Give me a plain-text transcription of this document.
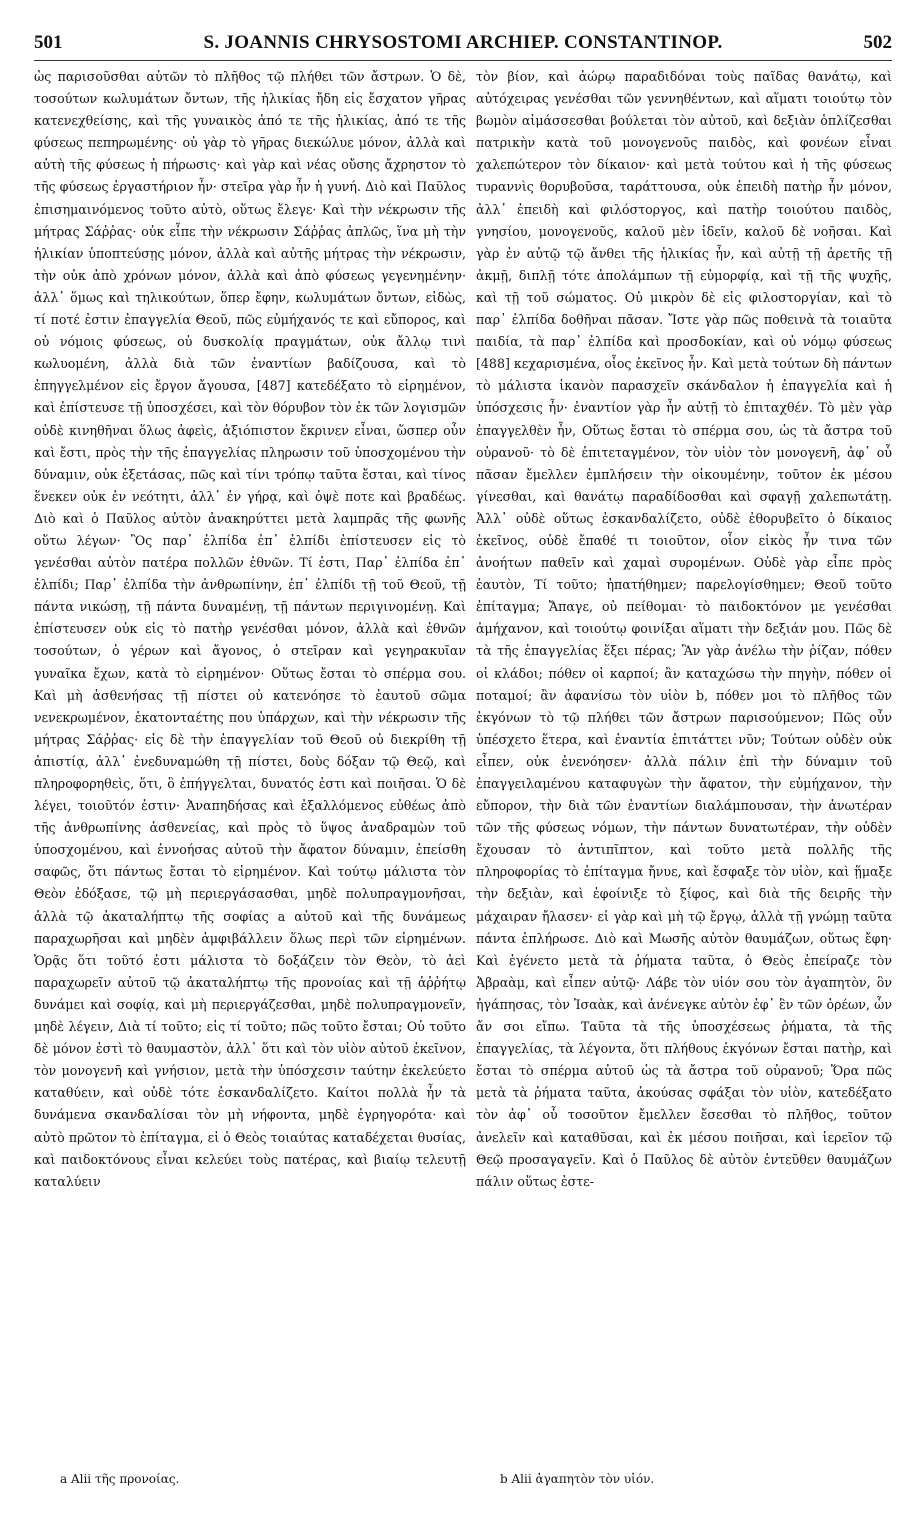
501	S. JOANNIS CHRYSOSTOMI ARCHIEP. CONSTANTINOP.	502

ὡς παρισοῦσθαι αὐτῶν τὸ πλῆθος τῷ πλήθει τῶν ἄστρων. Ὁ δὲ, τοσούτων κωλυμάτων ὄντων, τῆς ἡλικίας ἤδη εἰς ἔσχατον γῆρας κατενεχθείσης, καὶ τῆς γυναικὸς ἀπό τε τῆς ἡλικίας, ἀπό τε τῆς φύσεως πεπηρωμένης· οὐ γὰρ τὸ γῆρας διεκώλυε μόνον, ἀλλὰ καὶ αὐτὴ τῆς φύσεως ἡ πήρωσις· καὶ γὰρ καὶ νέας οὔσης ἄχρηστον τὸ τῆς φύσεως ἐργαστήριον ἦν· στεῖρα γὰρ ἦν ἡ γυνή. Διὸ καὶ Παῦλος ἐπισημαινόμενος τοῦτο αὐτὸ, οὕτως ἔλεγε· Καὶ τὴν νέκρωσιν τῆς μήτρας Σάῤῥας· οὐκ εἶπε τὴν νέκρωσιν Σάῤῥας ἁπλῶς, ἵνα μὴ τὴν ἡλικίαν ὑποπτεύσῃς μόνον, ἀλλὰ καὶ αὐτῆς μήτρας τὴν νέκρωσιν, τὴν οὐκ ἀπὸ χρόνων μόνον, ἀλλὰ καὶ ἀπὸ φύσεως γεγενημένην· ἀλλ᾽ ὅμως καὶ τηλικούτων, ὅπερ ἔφην, κωλυμάτων ὄντων, εἰδὼς, τί ποτέ ἐστιν ἐπαγγελία Θεοῦ, πῶς εὐμήχανός τε καὶ εὔπορος, καὶ οὐ νόμοις φύσεως, οὐ δυσκολίᾳ πραγμάτων, οὐκ ἄλλῳ τινὶ κωλυομένη, ἀλλὰ διὰ τῶν ἐναντίων βαδίζουσα, καὶ τὸ ἐπηγγελμένον εἰς ἔργον ἄγουσα, [487] κατεδέξατο τὸ εἰρημένον, καὶ ἐπίστευσε τῇ ὑποσχέσει, καὶ τὸν θόρυβον τὸν ἐκ τῶν λογισμῶν οὐδὲ κινηθῆναι ὅλως ἀφεὶς, ἀξιόπιστον ἔκρινεν εἶναι, ὥσπερ οὖν καὶ ἔστι, πρὸς τὴν τῆς ἐπαγγελίας πληρωσιν τοῦ ὑποσχομένου τὴν δύναμιν, οὐκ ἐξετάσας, πῶς καὶ τίνι τρόπῳ ταῦτα ἔσται, καὶ τίνος ἕνεκεν οὐκ ἐν νεότητι, ἀλλ᾽ ἐν γήρᾳ, καὶ ὀψὲ ποτε καὶ βραδέως. Διὸ καὶ ὁ Παῦλος αὐτὸν ἀνακηρύττει μετὰ λαμπρᾶς τῆς φωνῆς οὕτω λέγων· Ὃς παρ᾽ ἐλπίδα ἐπ᾽ ἐλπίδι ἐπίστευσεν εἰς τὸ γενέσθαι αὐτὸν πατέρα πολλῶν ἐθνῶν. Τί ἐστι, Παρ᾽ ἐλπίδα ἐπ᾽ ἐλπίδι; Παρ᾽ ἐλπίδα τὴν ἀνθρωπίνην, ἐπ᾽ ἐλπίδι τῇ τοῦ Θεοῦ, τῇ πάντα νικώσῃ, τῇ πάντα δυναμένῃ, τῇ πάντων περιγινομένῃ. Καὶ ἐπίστευσεν οὐκ εἰς τὸ πατὴρ γενέσθαι μόνον, ἀλλὰ καὶ ἐθνῶν τοσούτων, ὁ γέρων καὶ ἄγονος, ὁ στεῖραν καὶ γεγηρακυῖαν γυναῖκα ἔχων, κατὰ τὸ εἰρημένον· Οὕτως ἔσται τὸ σπέρμα σου. Καὶ μὴ ἀσθενήσας τῇ πίστει οὐ κατενόησε τὸ ἑαυτοῦ σῶμα νενεκρωμένον, ἑκατονταέτης που ὑπάρχων, καὶ τὴν νέκρωσιν τῆς μήτρας Σάῤῥας· εἰς δὲ τὴν ἐπαγγελίαν τοῦ Θεοῦ οὐ διεκρίθη τῇ ἀπιστίᾳ, ἀλλ᾽ ἐνεδυναμώθη τῇ πίστει, δοὺς δόξαν τῷ Θεῷ, καὶ πληροφορηθεὶς, ὅτι, ὃ ἐπήγγελται, δυνατός ἐστι καὶ ποιῆσαι. Ὁ δὲ λέγει, τοιοῦτόν ἐστιν· Ἀναπηδήσας καὶ ἐξαλλόμενος εὐθέως ἀπὸ τῆς ἀνθρωπίνης ἀσθενείας, καὶ πρὸς τὸ ὕψος ἀναδραμὼν τοῦ ὑποσχομένου, καὶ ἐννοήσας αὐτοῦ τὴν ἄφατον δύναμιν, ἐπείσθη σαφῶς, ὅτι πάντως ἔσται τὸ εἰρημένον. Καὶ τούτῳ μάλιστα τὸν Θεὸν ἐδόξασε, τῷ μὴ περιεργάσασθαι, μηδὲ πολυπραγμονῆσαι, ἀλλὰ τῷ ἀκαταλήπτῳ τῆς σοφίας a αὐτοῦ καὶ τῆς δυνάμεως παραχωρῆσαι καὶ μηδὲν ἀμφιβάλλειν ὅλως περὶ τῶν εἰρημένων. Ὁρᾷς ὅτι τοῦτό ἐστι μάλιστα τὸ δοξάζειν τὸν Θεὸν, τὸ ἀεὶ παραχωρεῖν αὐτοῦ τῷ ἀκαταλήπτῳ τῆς προνοίας καὶ τῇ ἀῤῥήτῳ δυνάμει καὶ σοφίᾳ, καὶ μὴ περιεργάζεσθαι, μηδὲ πολυπραγμονεῖν, μηδὲ λέγειν, Διὰ τί τοῦτο; εἰς τί τοῦτο; πῶς τοῦτο ἔσται; Οὐ τοῦτο δὲ μόνον ἐστὶ τὸ θαυμαστὸν, ἀλλ᾽ ὅτι καὶ τὸν υἱὸν αὐτοῦ ἐκεῖνον, τὸν μονογενῆ καὶ γνήσιον, μετὰ τὴν ὑπόσχεσιν ταύτην ἐκελεύετο καταθύειν, καὶ οὐδὲ τότε ἐσκανδαλίζετο. Καίτοι πολλὰ ἦν τὰ δυνάμενα σκανδαλίσαι τὸν μὴ νήφοντα, μηδὲ ἐγρηγορότα· καὶ αὐτὸ πρῶτον τὸ ἐπίταγμα, εἰ ὁ Θεὸς τοιαύτας καταδέχεται θυσίας, καὶ παιδοκτόνους εἶναι κελεύει τοὺς πατέρας, καὶ βιαίῳ τελευτῇ καταλύειν

τὸν βίον, καὶ ἀώρῳ παραδιδόναι τοὺς παῖδας θανάτῳ, καὶ αὐτόχειρας γενέσθαι τῶν γεννηθέντων, καὶ αἵματι τοιούτῳ τὸν βωμὸν αἱμάσσεσθαι βούλεται τὸν αὐτοῦ, καὶ δεξιὰν ὁπλίζεσθαι πατρικὴν κατὰ τοῦ μονογενοῦς παιδὸς, καὶ φονέων εἶναι χαλεπώτερον τὸν δίκαιον· καὶ μετὰ τούτου καὶ ἡ τῆς φύσεως τυραννὶς θορυβοῦσα, ταράττουσα, οὐκ ἐπειδὴ πατὴρ ἦν μόνον, ἀλλ᾽ ἐπειδὴ καὶ φιλόστοργος, καὶ πατὴρ τοιούτου παιδὸς, γνησίου, μονογενοῦς, καλοῦ μὲν ἰδεῖν, καλοῦ δὲ νοῆσαι. Καὶ γὰρ ἐν αὐτῷ τῷ ἄνθει τῆς ἡλικίας ἦν, καὶ αὐτῇ τῇ ἀρετῆς τῇ ἀκμῇ, διπλῇ τότε ἀπολάμπων τῇ εὐμορφίᾳ, καὶ τῇ τῆς ψυχῆς, καὶ τῇ τοῦ σώματος. Οὐ μικρὸν δὲ εἰς φιλοστοργίαν, καὶ τὸ παρ᾽ ἐλπίδα δοθῆναι πᾶσαν. Ἴστε γὰρ πῶς ποθεινὰ τὰ τοιαῦτα παιδία, τὰ παρ᾽ ἐλπίδα καὶ προσδοκίαν, καὶ οὐ νόμῳ φύσεως [488] κεχαρισμένα, οἷος ἐκεῖνος ἦν. Καὶ μετὰ τούτων δὴ πάντων τὸ μάλιστα ἱκανὸν παρασχεῖν σκάνδαλον ἡ ἐπαγγελία καὶ ἡ ὑπόσχεσις ἦν· ἐναντίον γὰρ ἦν αὐτῇ τὸ ἐπιταχθέν. Τὸ μὲν γὰρ ἐπαγγελθὲν ἦν, Οὕτως ἔσται τὸ σπέρμα σου, ὡς τὰ ἄστρα τοῦ οὐρανοῦ· τὸ δὲ ἐπιτεταγμένον, τὸν υἱὸν τὸν μονογενῆ, ἀφ᾽ οὗ πᾶσαν ἔμελλεν ἐμπλήσειν τὴν οἰκουμένην, τοῦτον ἐκ μέσου γίνεσθαι, καὶ θανάτῳ παραδίδοσθαι καὶ σφαγῇ χαλεπωτάτῃ. Ἀλλ᾽ οὐδὲ οὕτως ἐσκανδαλίζετο, οὐδὲ ἐθορυβεῖτο ὁ δίκαιος ἐκεῖνος, οὐδὲ ἔπαθέ τι τοιοῦτον, οἷον εἰκὸς ἦν τινα τῶν ἀνοήτων παθεῖν καὶ χαμαὶ συρομένων. Οὐδὲ γὰρ εἶπε πρὸς ἑαυτὸν, Τί τοῦτο; ἠπατήθημεν; παρελογίσθημεν; Θεοῦ τοῦτο ἐπίταγμα; Ἄπαγε, οὐ πείθομαι· τὸ παιδοκτόνον με γενέσθαι ἀμήχανον, καὶ τοιούτῳ φοινίξαι αἵματι τὴν δεξιάν μου. Πῶς δὲ τὰ τῆς ἐπαγγελίας ἕξει πέρας; Ἂν γὰρ ἀνέλω τὴν ῥίζαν, πόθεν οἱ κλάδοι; πόθεν οἱ καρποί; ἂν καταχώσω τὴν πηγὴν, πόθεν οἱ ποταμοί; ἂν ἀφανίσω τὸν υἱὸν b, πόθεν μοι τὸ πλῆθος τῶν ἐκγόνων τὸ τῷ πλήθει τῶν ἄστρων παρισούμενον; Πῶς οὖν ὑπέσχετο ἕτερα, καὶ ἐναντία ἐπιτάττει νῦν; Τούτων οὐδὲν οὐκ εἶπεν, οὐκ ἐνενόησεν· ἀλλὰ πάλιν ἐπὶ τὴν δύναμιν τοῦ ἐπαγγειλαμένου καταφυγὼν τὴν ἄφατον, τὴν εὐμήχανον, τὴν εὔπορον, τὴν διὰ τῶν ἐναντίων διαλάμπουσαν, τὴν ἀνωτέραν τῶν τῆς φύσεως νόμων, τὴν πάντων δυνατωτέραν, τὴν οὐδὲν ἔχουσαν τὸ ἀντιπῖπτον, καὶ τοῦτο μετὰ πολλῆς τῆς πληροφορίας τὸ ἐπίταγμα ἤνυε, καὶ ἔσφαξε τὸν υἱὸν, καὶ ᾕμαξε τὴν δεξιὰν, καὶ ἐφοίνιξε τὸ ξίφος, καὶ διὰ τῆς δειρῆς τὴν μάχαιραν ἤλασεν· εἰ γὰρ καὶ μὴ τῷ ἔργῳ, ἀλλὰ τῇ γνώμῃ ταῦτα πάντα ἐπλήρωσε. Διὸ καὶ Μωσῆς αὐτὸν θαυμάζων, οὕτως ἔφη· Καὶ ἐγένετο μετὰ τὰ ῥήματα ταῦτα, ὁ Θεὸς ἐπείραζε τὸν Ἀβραὰμ, καὶ εἶπεν αὐτῷ· Λάβε τὸν υἱόν σου τὸν ἀγαπητὸν, ὃν ἠγάπησας, τὸν Ἰσαὰκ, καὶ ἀνένεγκε αὐτὸν ἐφ᾽ ἓν τῶν ὀρέων, ὧν ἄν σοι εἴπω. Ταῦτα τὰ τῆς ὑποσχέσεως ῥήματα, τὰ τῆς ἐπαγγελίας, τὰ λέγοντα, ὅτι πλήθους ἐκγόνων ἔσται πατὴρ, καὶ ἔσται τὸ σπέρμα αὐτοῦ ὡς τὰ ἄστρα τοῦ οὐρανοῦ; Ὅρα πῶς μετὰ τὰ ῥήματα ταῦτα, ἀκούσας σφάξαι τὸν υἱὸν, κατεδέξατο τὸν ἀφ᾽ οὗ τοσοῦτον ἔμελλεν ἔσεσθαι τὸ πλῆθος, τοῦτον ἀνελεῖν καὶ καταθῦσαι, καὶ ἐκ μέσου ποιῆσαι, καὶ ἱερεῖον τῷ Θεῷ προσαγαγεῖν. Καὶ ὁ Παῦλος δὲ αὐτὸν ἐντεῦθεν θαυμάζων πάλιν οὕτως ἐστε-

a Alii τῆς προνοίας.	b Alii ἀγαπητὸν τὸν υἱόν.
